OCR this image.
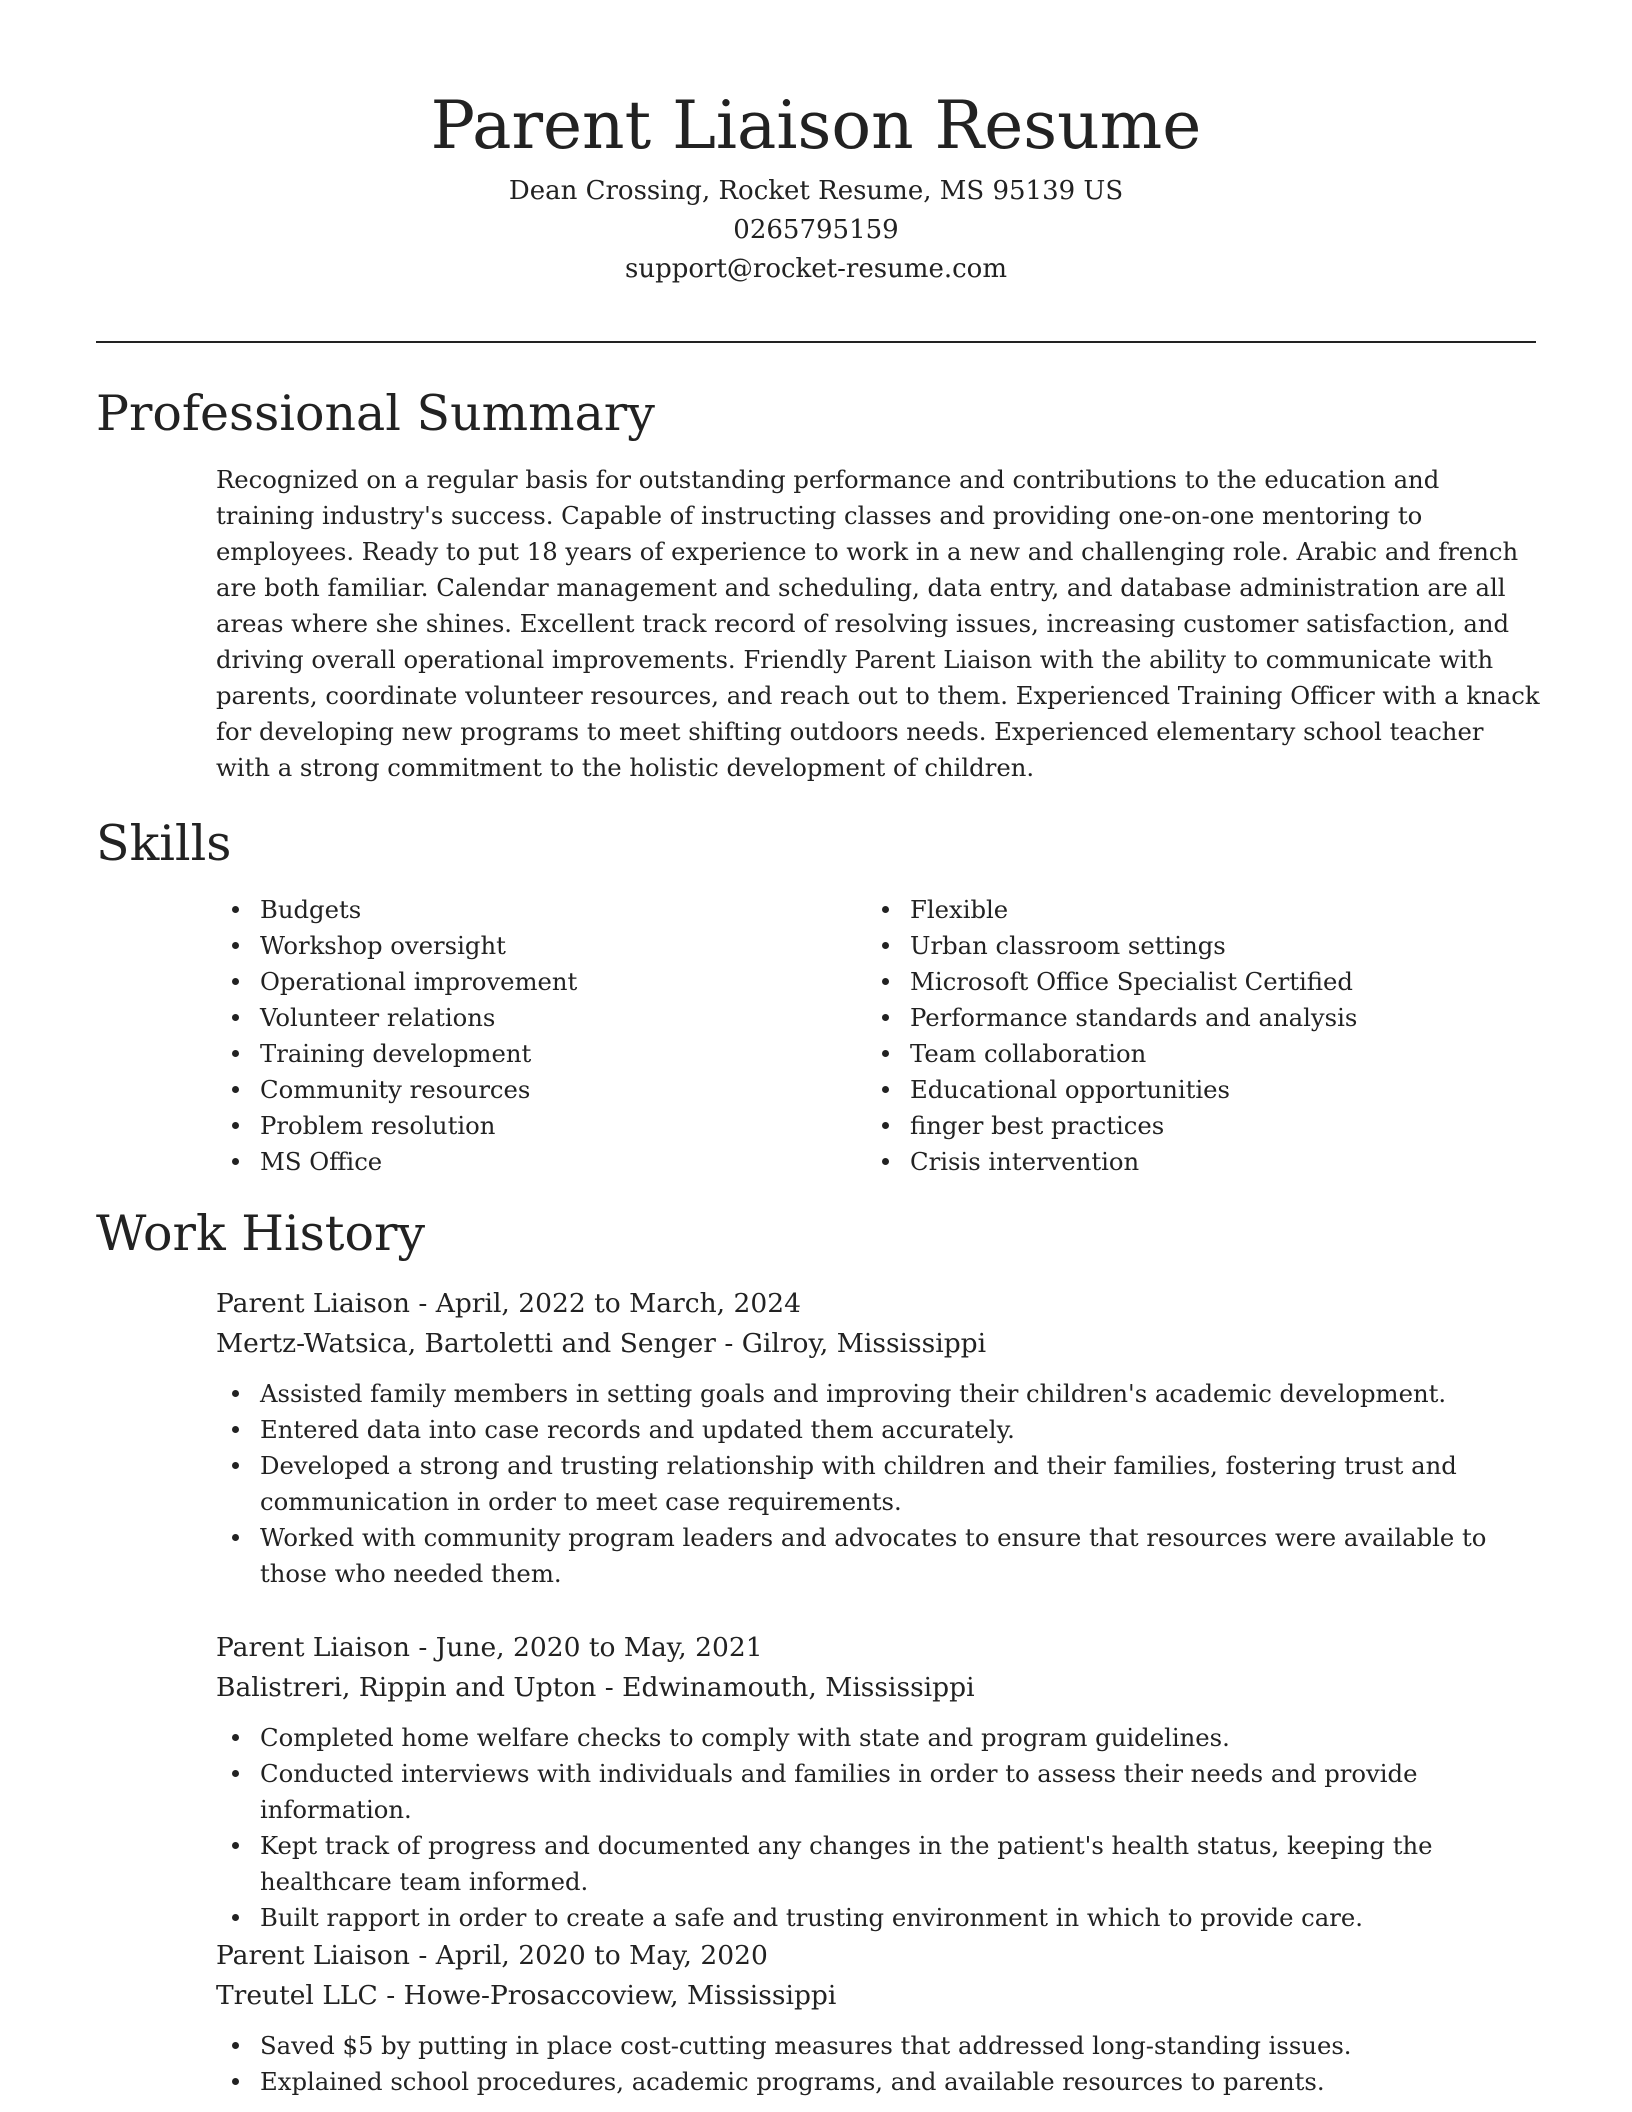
Parent Liaison Resume
Dean Crossing, Rocket Resume, MS 95139 US
0265795159
support@rocket-resume.com
Professional Summary
Recognized on a regular basis for outstanding performance and contributions to the education and training industry's success. Capable of instructing classes and providing one-on-one mentoring to employees. Ready to put 18 years of experience to work in a new and challenging role. Arabic and french are both familiar. Calendar management and scheduling, data entry, and database administration are all areas where she shines. Excellent track record of resolving issues, increasing customer satisfaction, and driving overall operational improvements. Friendly Parent Liaison with the ability to communicate with parents, coordinate volunteer resources, and reach out to them. Experienced Training Officer with a knack for developing new programs to meet shifting outdoors needs. Experienced elementary school teacher with a strong commitment to the holistic development of children.
Skills
Budgets
Workshop oversight
Operational improvement
Volunteer relations
Training development
Community resources
Problem resolution
MS Office
Flexible
Urban classroom settings
Microsoft Office Specialist Certified
Performance standards and analysis
Team collaboration
Educational opportunities
finger best practices
Crisis intervention
Work History
Parent Liaison - April, 2022 to March, 2024
Mertz-Watsica, Bartoletti and Senger - Gilroy, Mississippi
Assisted family members in setting goals and improving their children's academic development.
Entered data into case records and updated them accurately.
Developed a strong and trusting relationship with children and their families, fostering trust and communication in order to meet case requirements.
Worked with community program leaders and advocates to ensure that resources were available to those who needed them.
Parent Liaison - June, 2020 to May, 2021
Balistreri, Rippin and Upton - Edwinamouth, Mississippi
Completed home welfare checks to comply with state and program guidelines.
Conducted interviews with individuals and families in order to assess their needs and provide information.
Kept track of progress and documented any changes in the patient's health status, keeping the healthcare team informed.
Built rapport in order to create a safe and trusting environment in which to provide care.
Parent Liaison - April, 2020 to May, 2020
Treutel LLC - Howe-Prosaccoview, Mississippi
Saved $5 by putting in place cost-cutting measures that addressed long-standing issues.
Explained school procedures, academic programs, and available resources to parents.
